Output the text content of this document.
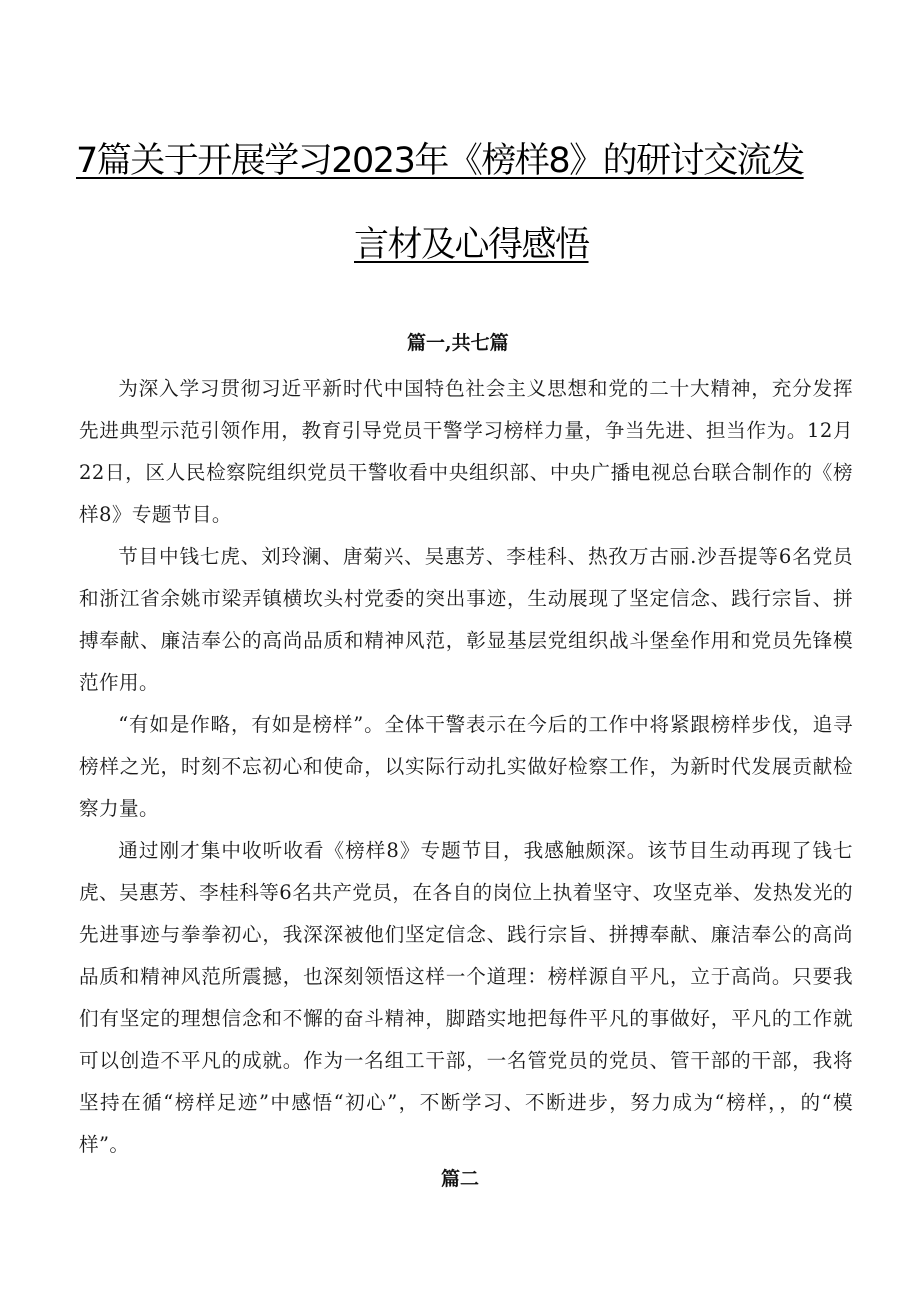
7篇关于开展学习2023年《榜样8》的研讨交流发
言材及心得感悟
篇一,共七篇

为深入学习贯彻习近平新时代中国特色社会主义思想和党的二十大精神，充分发挥先进典型示范引领作用，教育引导党员干警学习榜样力量，争当先进、担当作为。12月22日，区人民检察院组织党员干警收看中央组织部、中央广播电视总台联合制作的《榜样8》专题节目。

节目中钱七虎、刘玲澜、唐菊兴、吴惠芳、李桂科、热孜万古丽.沙吾提等6名党员和浙江省余姚市梁弄镇横坎头村党委的突出事迹，生动展现了坚定信念、践行宗旨、拼搏奉献、廉洁奉公的高尚品质和精神风范，彰显基层党组织战斗堡垒作用和党员先锋模范作用。

“有如是作略，有如是榜样”。全体干警表示在今后的工作中将紧跟榜样步伐，追寻榜样之光，时刻不忘初心和使命，以实际行动扎实做好检察工作，为新时代发展贡献检察力量。

通过刚才集中收听收看《榜样8》专题节目，我感触颇深。该节目生动再现了钱七虎、吴惠芳、李桂科等6名共产党员，在各自的岗位上执着坚守、攻坚克举、发热发光的先进事迹与拳拳初心，我深深被他们坚定信念、践行宗旨、拼搏奉献、廉洁奉公的高尚品质和精神风范所震撼，也深刻领悟这样一个道理：榜样源自平凡，立于高尚。只要我们有坚定的理想信念和不懈的奋斗精神，脚踏实地把每件平凡的事做好，平凡的工作就可以创造不平凡的成就。作为一名组工干部，一名管党员的党员、管干部的干部，我将坚持在循“榜样足迹”中感悟“初心”，不断学习、不断进步，努力成为“榜样，，的“模样”。

篇二
